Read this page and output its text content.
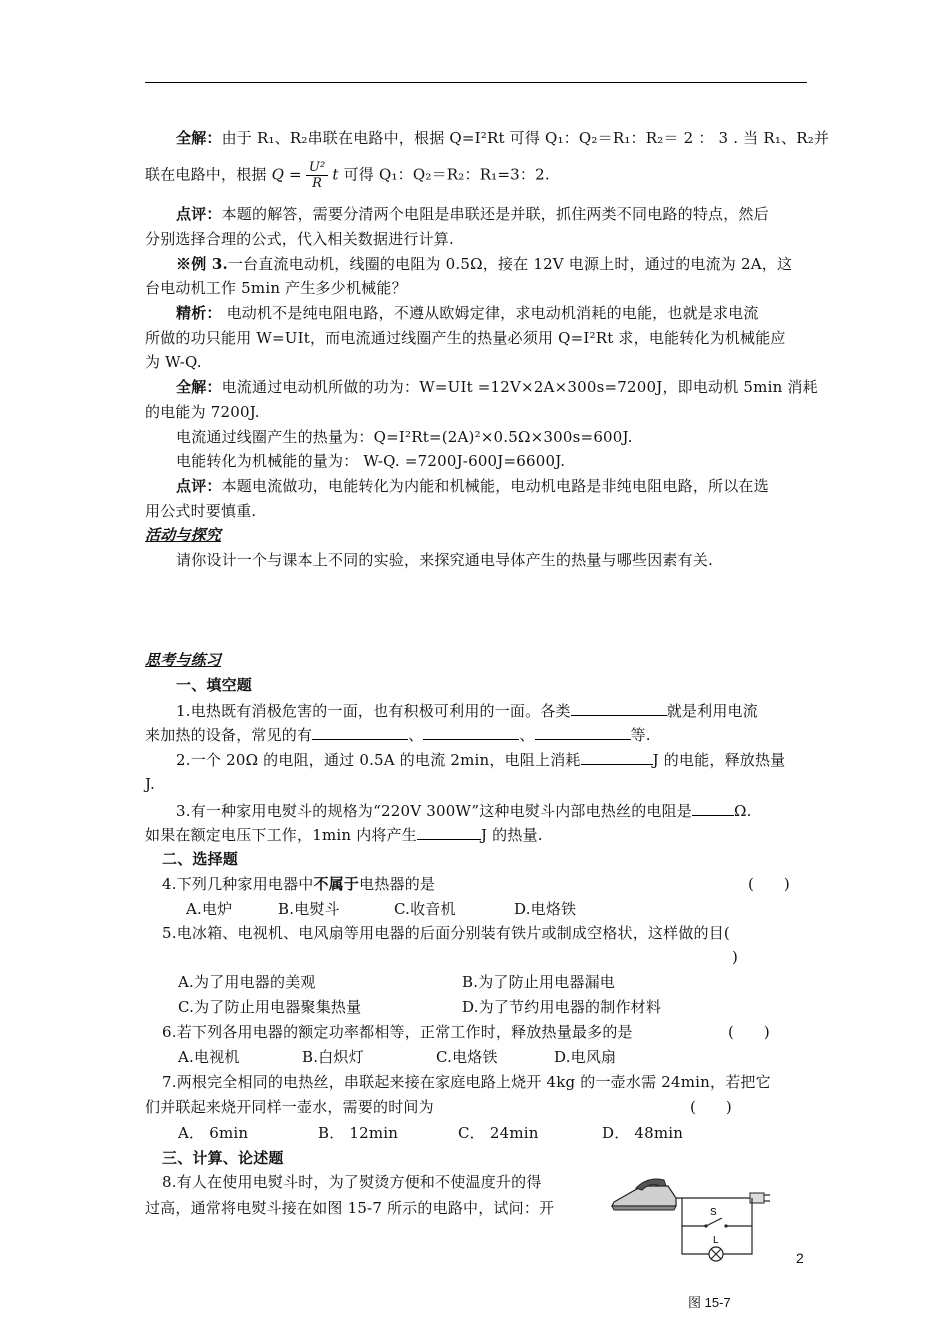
全解：由于 R₁、R₂串联在电路中，根据 Q=I²Rt 可得 Q₁：Q₂＝R₁：R₂＝ 2 ： 3 . 当 R₁、R₂并
联在电路中，根据 $Q = \frac{\text{U²}}{R}$ t 可得 Q₁：Q₂＝R₂：R₁=3：2.
点评：本题的解答，需要分清两个电阻是串联还是并联，抓住两类不同电路的特点，然后
分别选择合理的公式，代入相关数据进行计算.
※例 3.一台直流电动机，线圈的电阻为 0.5Ω，接在 12V 电源上时，通过的电流为 2A，这
台电动机工作 5min 产生多少机械能？
精析： 电动机不是纯电阻电路，不遵从欧姆定律，求电动机消耗的电能，也就是求电流
所做的功只能用 W=UIt，而电流通过线圈产生的热量必须用 Q=I²Rt 求，电能转化为机械能应
为 W-Q.
全解：电流通过电动机所做的功为：W=UIt =12V×2A×300s=7200J，即电动机 5min 消耗
的电能为 7200J.
电流通过线圈产生的热量为：Q=I²Rt=(2A)²×0.5Ω×300s=600J.
电能转化为机械能的量为： W-Q. =7200J-600J=6600J.
点评：本题电流做功，电能转化为内能和机械能，电动机电路是非纯电阻电路，所以在选
用公式时要慎重.
活动与探究
请你设计一个与课本上不同的实验，来探究通电导体产生的热量与哪些因素有关.
思考与练习
一、填空题
1.电热既有消极危害的一面，也有积极可利用的一面。各类	就是利用电流
来加热的设备，常见的有	、	、	等.
2.一个 20Ω 的电阻，通过 0.5A 的电流 2min，电阻上消耗	J 的电能，释放热量
J.
3.有一种家用电熨斗的规格为“220V 300W”这种电熨斗内部电热丝的电阻是	Ω.
如果在额定电压下工作，1min 内将产生	J 的热量.
二、选择题
4.下列几种家用电器中不属于电热器的是	(　　)
A.电炉	B.电熨斗	C.收音机	D.电烙铁
5.电冰箱、电视机、电风扇等用电器的后面分别装有铁片或制成空格状，这样做的目(
)
A.为了用电器的美观	B.为了防止用电器漏电
C.为了防止用电器聚集热量	D.为了节约用电器的制作材料
6.若下列各用电器的额定功率都相等，正常工作时，释放热量最多的是	(　　)
A.电视机	B.白炽灯	C.电烙铁	D.电风扇
7.两根完全相同的电热丝，串联起来接在家庭电路上烧开 4kg 的一壶水需 24min，若把它
们并联起来烧开同样一壶水，需要的时间为	(　　)
A． 6min	B． 12min	C． 24min	D． 48min
三、计算、论述题
8.有人在使用电熨斗时，为了熨烫方便和不使温度升的得
过高，通常将电熨斗接在如图 15-7 所示的电路中，试问：开	S
L
2
图 15-7
